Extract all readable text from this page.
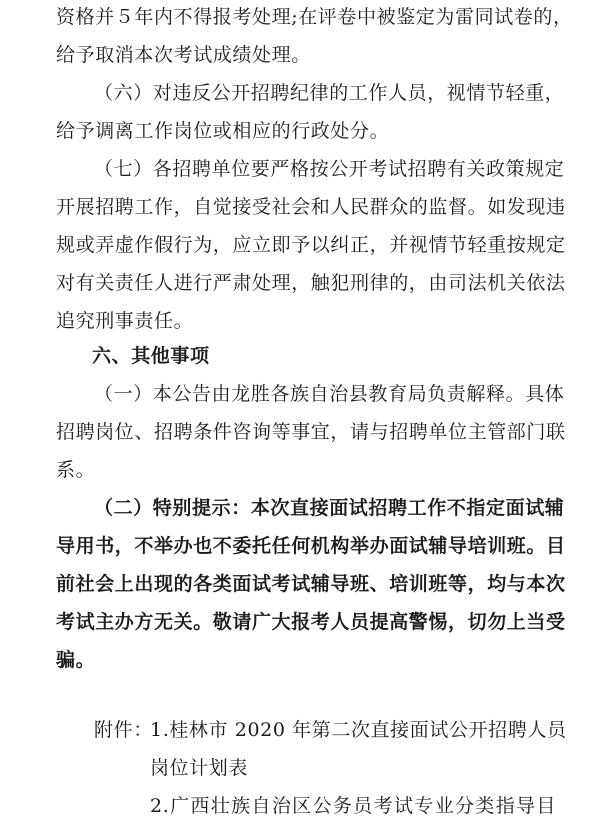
资格并５年内不得报考处理;在评卷中被鉴定为雷同试卷的，
给予取消本次考试成绩处理。
（六）对违反公开招聘纪律的工作人员，视情节轻重，
给予调离工作岗位或相应的行政处分。
（七）各招聘单位要严格按公开考试招聘有关政策规定
开展招聘工作，自觉接受社会和人民群众的监督。如发现违
规或弄虚作假行为，应立即予以纠正，并视情节轻重按规定
对有关责任人进行严肃处理，触犯刑律的，由司法机关依法
追究刑事责任。
六、其他事项
（一）本公告由龙胜各族自治县教育局负责解释。具体
招聘岗位、招聘条件咨询等事宜，请与招聘单位主管部门联
系。
（二）特别提示：本次直接面试招聘工作不指定面试辅
导用书，不举办也不委托任何机构举办面试辅导培训班。目
前社会上出现的各类面试考试辅导班、培训班等，均与本次
考试主办方无关。敬请广大报考人员提高警惕，切勿上当受
骗。
附件：
1.桂林市 2020 年第二次直接面试公开招聘人员
岗位计划表
2.广西壮族自治区公务员考试专业分类指导目
